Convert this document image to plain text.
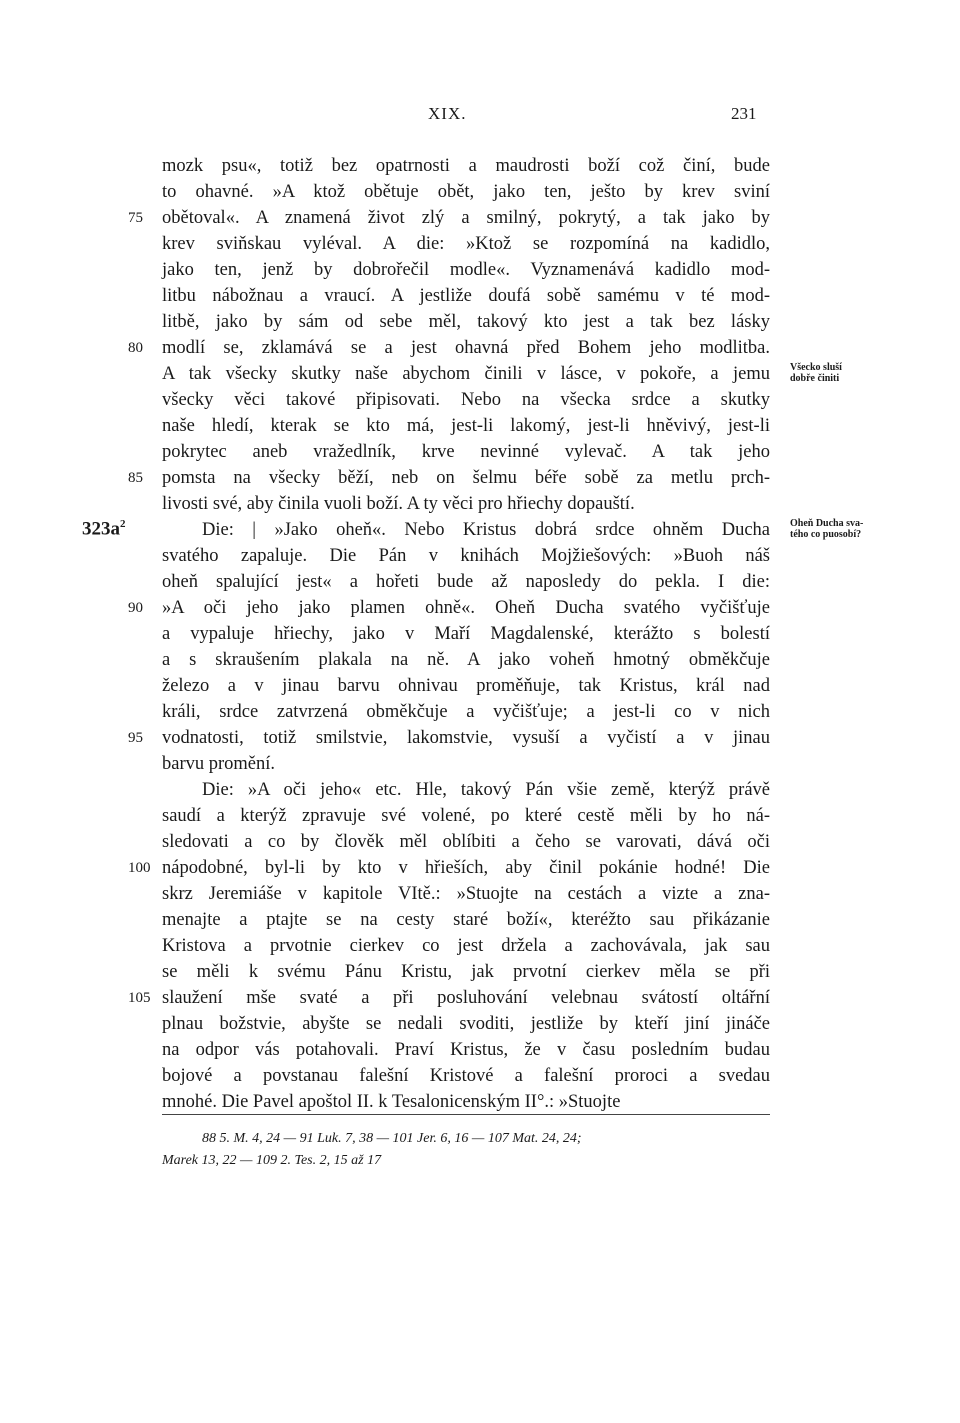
XIX.	231
$323a^2$
Všecko sluší
dobře činiti
Oheň Ducha sva-
tého co puosobí?
mozk psu«, totiž bez opatrnosti a maudrosti boží což činí, bude
to ohavné. »A ktož obětuje obět, jako ten, ješto by krev sviní
75	obětoval«. A znamená život zlý a smilný, pokrytý, a tak jako by
krev sviňskau vyléval. A die: »Ktož se rozpomíná na kadidlo,
jako ten, jenž by dobrořečil modle«. Vyznamenává kadidlo mod-
litbu nábožnau a vraucí. A jestliže doufá sobě samému v té mod-
litbě, jako by sám od sebe měl, takový kto jest a tak bez lásky
80	modlí se, zklamává se a jest ohavná před Bohem jeho modlitba.
A tak všecky skutky naše abychom činili v lásce, v pokoře, a jemu
všecky věci takové připisovati. Nebo na všecka srdce a skutky
naše hledí, kterak se kto má, jest-li lakomý, jest-li hněvivý, jest-li
pokrytec aneb vražedlník, krve nevinné vylevač. A tak jeho
85	pomsta na všecky běží, neb on šelmu béře sobě za metlu prch-
livosti své, aby činila vuoli boží. A ty věci pro hřiechy dopauští.
Die: | »Jako oheň«. Nebo Kristus dobrá srdce ohněm Ducha
svatého zapaluje. Die Pán v knihách Mojžiešových: »Buoh náš
oheň spalující jest« a hořeti bude až naposledy do pekla. I die:
90	»A oči jeho jako plamen ohně«. Oheň Ducha svatého vyčišťuje
a vypaluje hřiechy, jako v Maří Magdalenské, kterážto s bolestí
a s skraušením plakala na ně. A jako voheň hmotný obměkčuje
železo a v jinau barvu ohnivau proměňuje, tak Kristus, král nad
králi, srdce zatvrzená obměkčuje a vyčišťuje; a jest-li co v nich
95	vodnatosti, totiž smilstvie, lakomstvie, vysuší a vyčistí a v jinau
barvu promění.
Die: »A oči jeho« etc. Hle, takový Pán všie země, kterýž právě
saudí a kterýž zpravuje své volené, po které cestě měli by ho ná-
sledovati a co by člověk měl oblíbiti a čeho se varovati, dává oči
100 nápodobné, byl-li by kto v hřieších, aby činil pokánie hodné! Die
skrz Jeremiáše v kapitole VItě.: »Stuojte na cestách a vizte a zna-
menajte a ptajte se na cesty staré boží«, kteréžto sau přikázanie
Kristova a prvotnie cierkev co jest držela a zachovávala, jak sau
se měli k svému Pánu Kristu, jak prvotní cierkev měla se při
105 slaužení mše svaté a při posluhování velebnau svátostí oltářní
plnau božstvie, abyšte se nedali svoditi, jestliže by kteří jiní jináče
na odpor vás potahovali. Praví Kristus, že v času posledním budau
bojové a povstanau falešní Kristové a falešní proroci a svedau
mnohé. Die Pavel apoštol II. k Tesalonicenským II°.: »Stuojte
88 5. M. 4, 24 — 91 Luk. 7, 38 — 101 Jer. 6, 16 — 107 Mat. 24, 24;
Marek 13, 22 — 109 2. Tes. 2, 15 až 17
